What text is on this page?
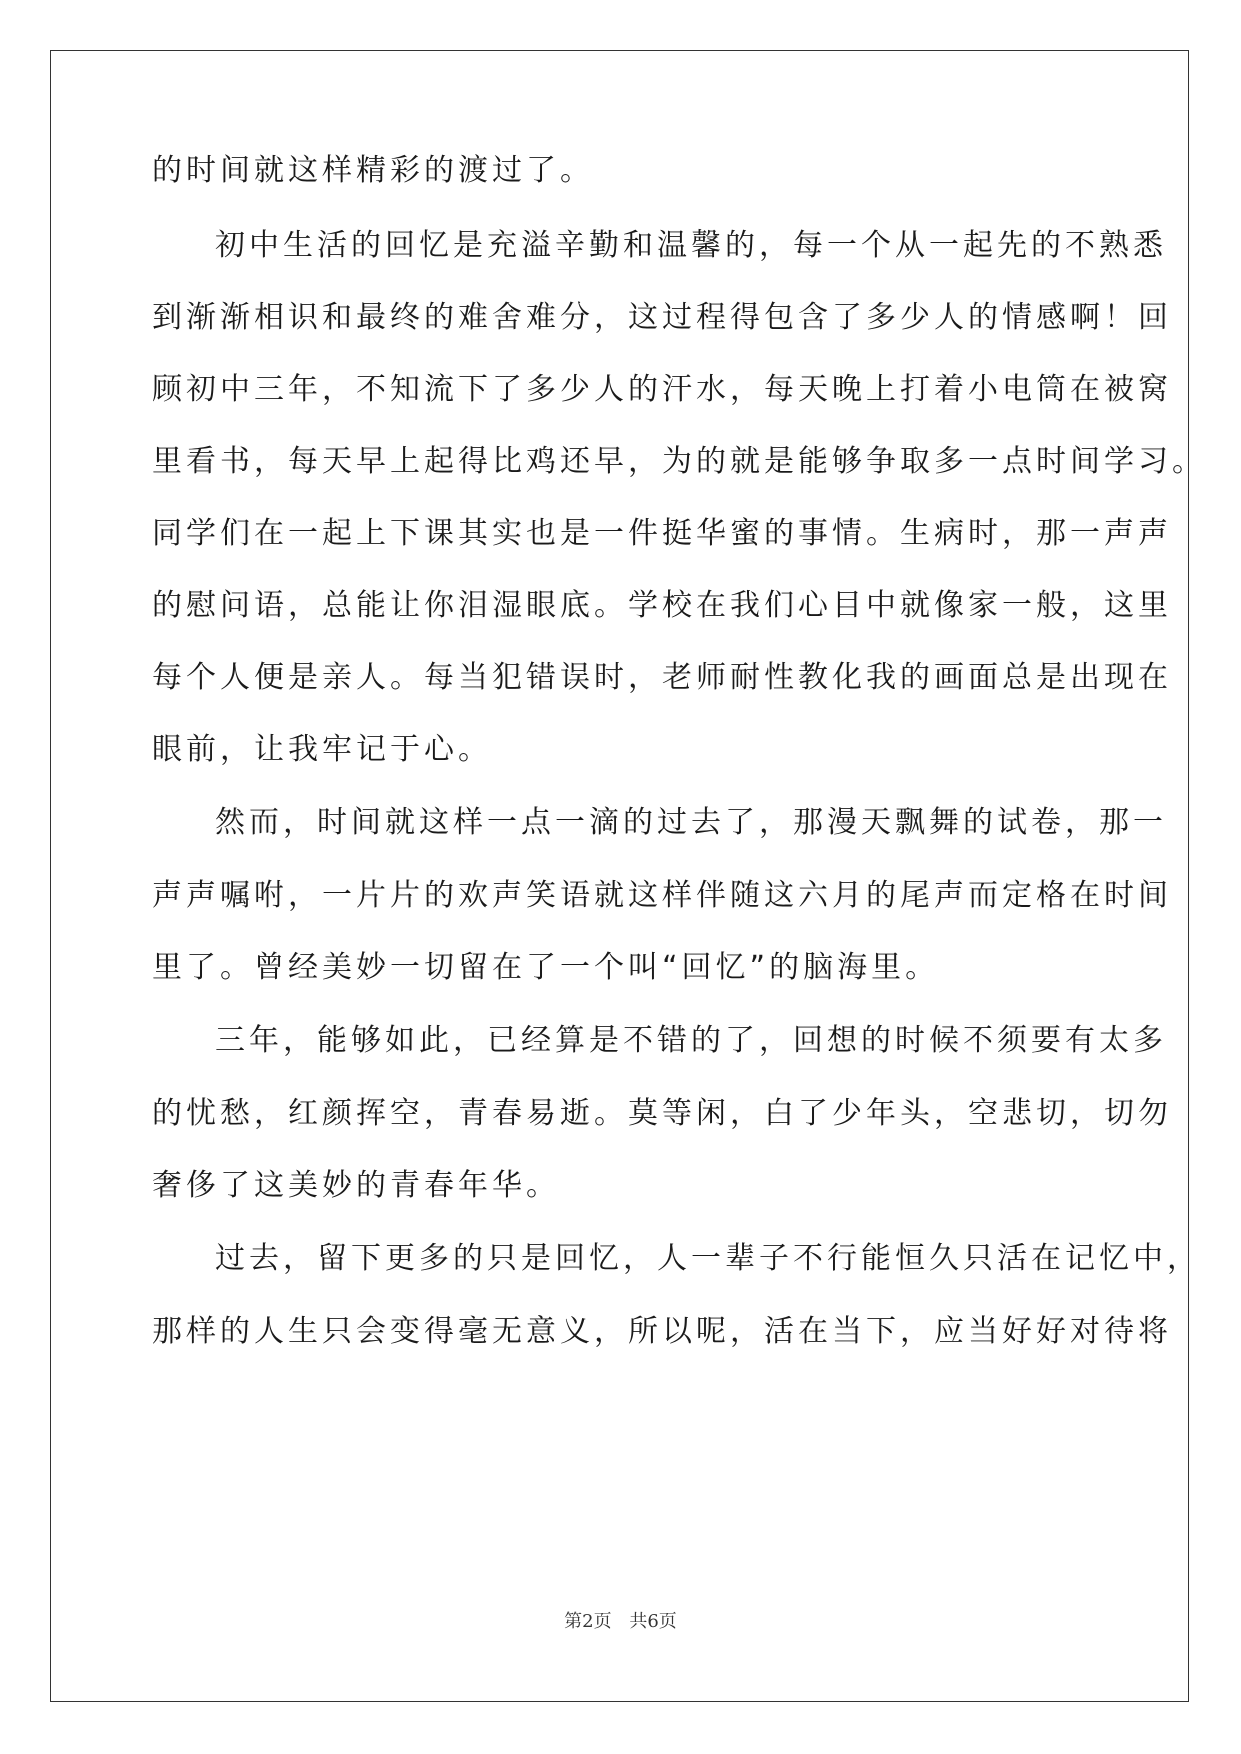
的时间就这样精彩的渡过了。
初中生活的回忆是充溢辛勤和温馨的，每一个从一起先的不熟悉
到渐渐相识和最终的难舍难分，这过程得包含了多少人的情感啊！回
顾初中三年，不知流下了多少人的汗水，每天晚上打着小电筒在被窝
里看书，每天早上起得比鸡还早，为的就是能够争取多一点时间学习。
同学们在一起上下课其实也是一件挺华蜜的事情。生病时，那一声声
的慰问语，总能让你泪湿眼底。学校在我们心目中就像家一般，这里
每个人便是亲人。每当犯错误时，老师耐性教化我的画面总是出现在
眼前，让我牢记于心。
然而，时间就这样一点一滴的过去了，那漫天飘舞的试卷，那一
声声嘱咐，一片片的欢声笑语就这样伴随这六月的尾声而定格在时间
里了。曾经美妙一切留在了一个叫“回忆”的脑海里。
三年，能够如此，已经算是不错的了，回想的时候不须要有太多
的忧愁，红颜挥空，青春易逝。莫等闲，白了少年头，空悲切，切勿
奢侈了这美妙的青春年华。
过去，留下更多的只是回忆，人一辈子不行能恒久只活在记忆中，
那样的人生只会变得毫无意义，所以呢，活在当下，应当好好对待将
第2页 共6页
